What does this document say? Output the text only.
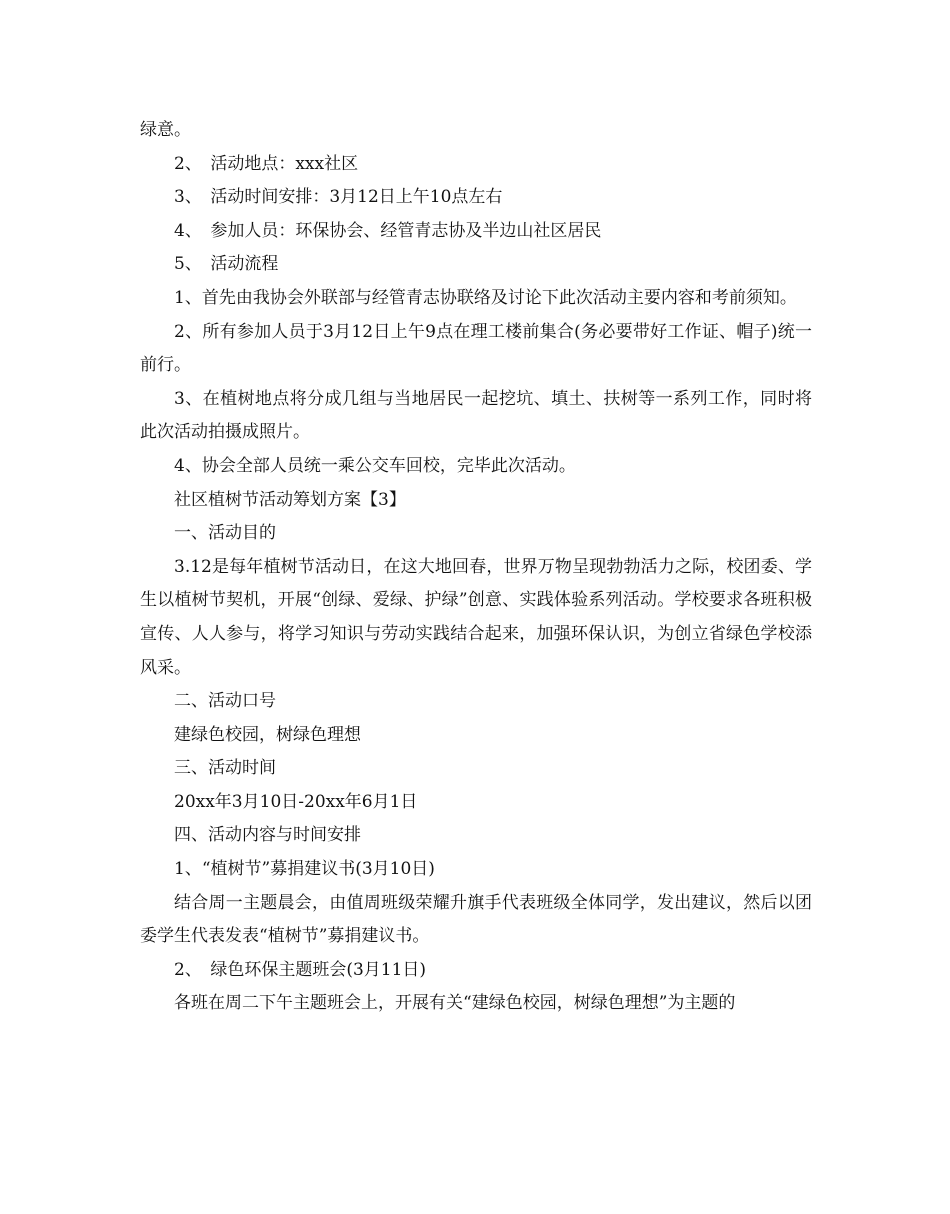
绿意。

2、　活动地点：xxx社区

3、　活动时间安排：3月12日上午10点左右

4、　参加人员：环保协会、经管青志协及半边山社区居民

5、　活动流程

1、首先由我协会外联部与经管青志协联络及讨论下此次活动主要内容和考前须知。

2、所有参加人员于3月12日上午9点在理工楼前集合(务必要带好工作证、帽子)统一前行。

3、在植树地点将分成几组与当地居民一起挖坑、填土、扶树等一系列工作，同时将此次活动拍摄成照片。

4、协会全部人员统一乘公交车回校，完毕此次活动。

社区植树节活动筹划方案【3】

一、活动目的

3.12是每年植树节活动日，在这大地回春，世界万物呈现勃勃活力之际，校团委、学生以植树节契机，开展“创绿、爱绿、护绿”创意、实践体验系列活动。学校要求各班积极宣传、人人参与，将学习知识与劳动实践结合起来，加强环保认识，为创立省绿色学校添风采。

二、活动口号

建绿色校园，树绿色理想

三、活动时间

20xx年3月10日-20xx年6月1日

四、活动内容与时间安排

1、“植树节”募捐建议书(3月10日)

结合周一主题晨会，由值周班级荣耀升旗手代表班级全体同学，发出建议，然后以团委学生代表发表“植树节”募捐建议书。

2、　绿色环保主题班会(3月11日)

各班在周二下午主题班会上，开展有关“建绿色校园，树绿色理想”为主题的
